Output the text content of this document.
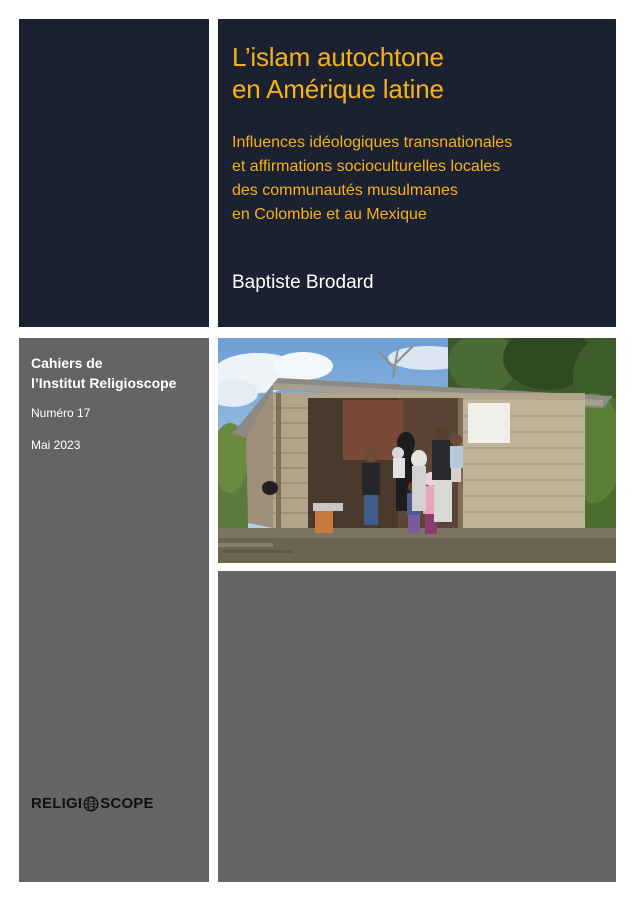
L’islam autochtone
en Amérique latine

Influences idéologiques transnationales
et affirmations socioculturelles locales
des communautés musulmanes
en Colombie et au Mexique

Baptiste Brodard

Cahiers de
l’Institut Religioscope

Numéro 17

Mai 2023

RELIGI SCOPE
